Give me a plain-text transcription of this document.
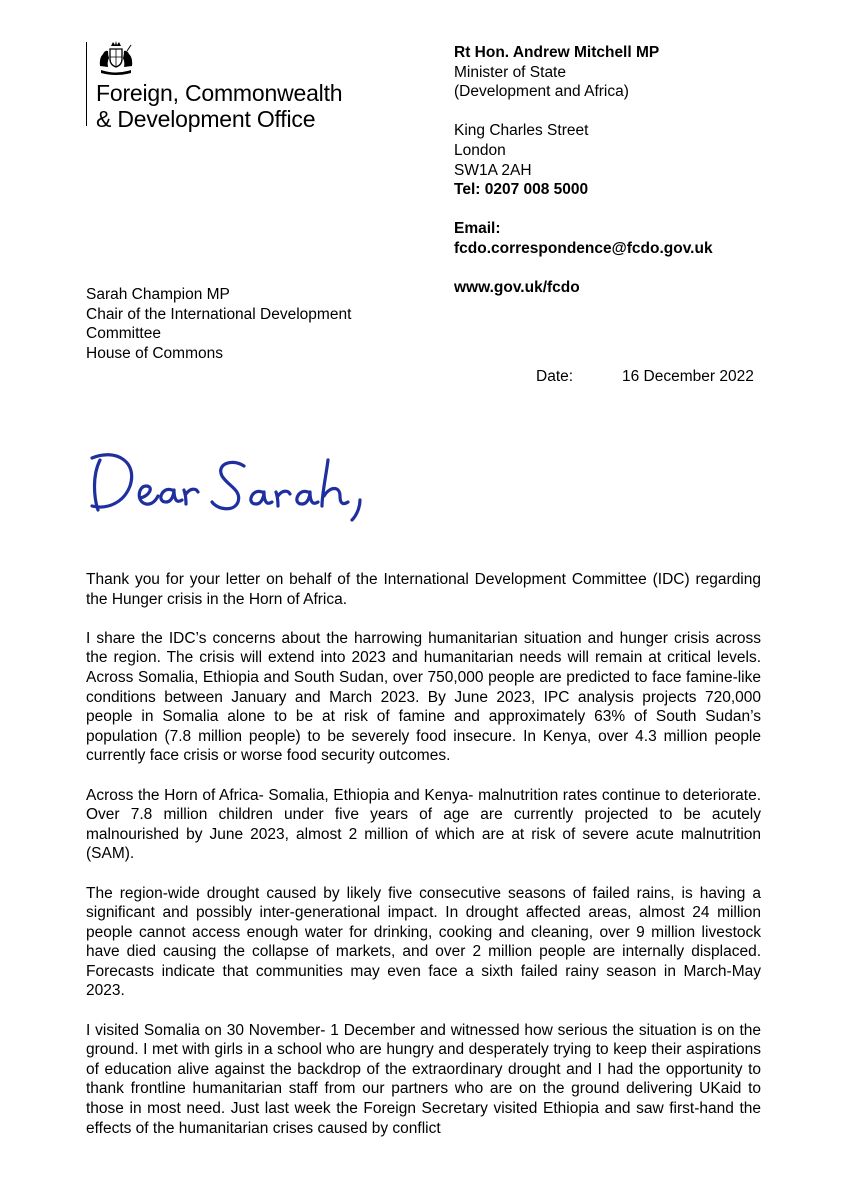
Foreign, Commonwealth
& Development Office
Rt Hon. Andrew Mitchell MP
Minister of State
(Development and Africa)
King Charles Street
London
SW1A 2AH
Tel: 0207 008 5000
Email:
fcdo.correspondence@fcdo.gov.uk
www.gov.uk/fcdo
Sarah Champion MP
Chair of the International Development
Committee
House of Commons
Date:	16 December 2022
Dear Sarah,

Thank you for your letter on behalf of the International Development Committee (IDC) regarding the Hunger crisis in the Horn of Africa.

I share the IDC’s concerns about the harrowing humanitarian situation and hunger crisis across the region. The crisis will extend into 2023 and humanitarian needs will remain at critical levels. Across Somalia, Ethiopia and South Sudan, over 750,000 people are predicted to face famine-like conditions between January and March 2023. By June 2023, IPC analysis projects 720,000 people in Somalia alone to be at risk of famine and approximately 63% of South Sudan’s population (7.8 million people) to be severely food insecure. In Kenya, over 4.3 million people currently face crisis or worse food security outcomes.

Across the Horn of Africa- Somalia, Ethiopia and Kenya- malnutrition rates continue to deteriorate. Over 7.8 million children under five years of age are currently projected to be acutely malnourished by June 2023, almost 2 million of which are at risk of severe acute malnutrition (SAM).

The region-wide drought caused by likely five consecutive seasons of failed rains, is having a significant and possibly inter-generational impact. In drought affected areas, almost 24 million people cannot access enough water for drinking, cooking and cleaning, over 9 million livestock have died causing the collapse of markets, and over 2 million people are internally displaced. Forecasts indicate that communities may even face a sixth failed rainy season in March-May 2023.

I visited Somalia on 30 November- 1 December and witnessed how serious the situation is on the ground. I met with girls in a school who are hungry and desperately trying to keep their aspirations of education alive against the backdrop of the extraordinary drought and I had the opportunity to thank frontline humanitarian staff from our partners who are on the ground delivering UKaid to those in most need. Just last week the Foreign Secretary visited Ethiopia and saw first-hand the effects of the humanitarian crises caused by conflict
